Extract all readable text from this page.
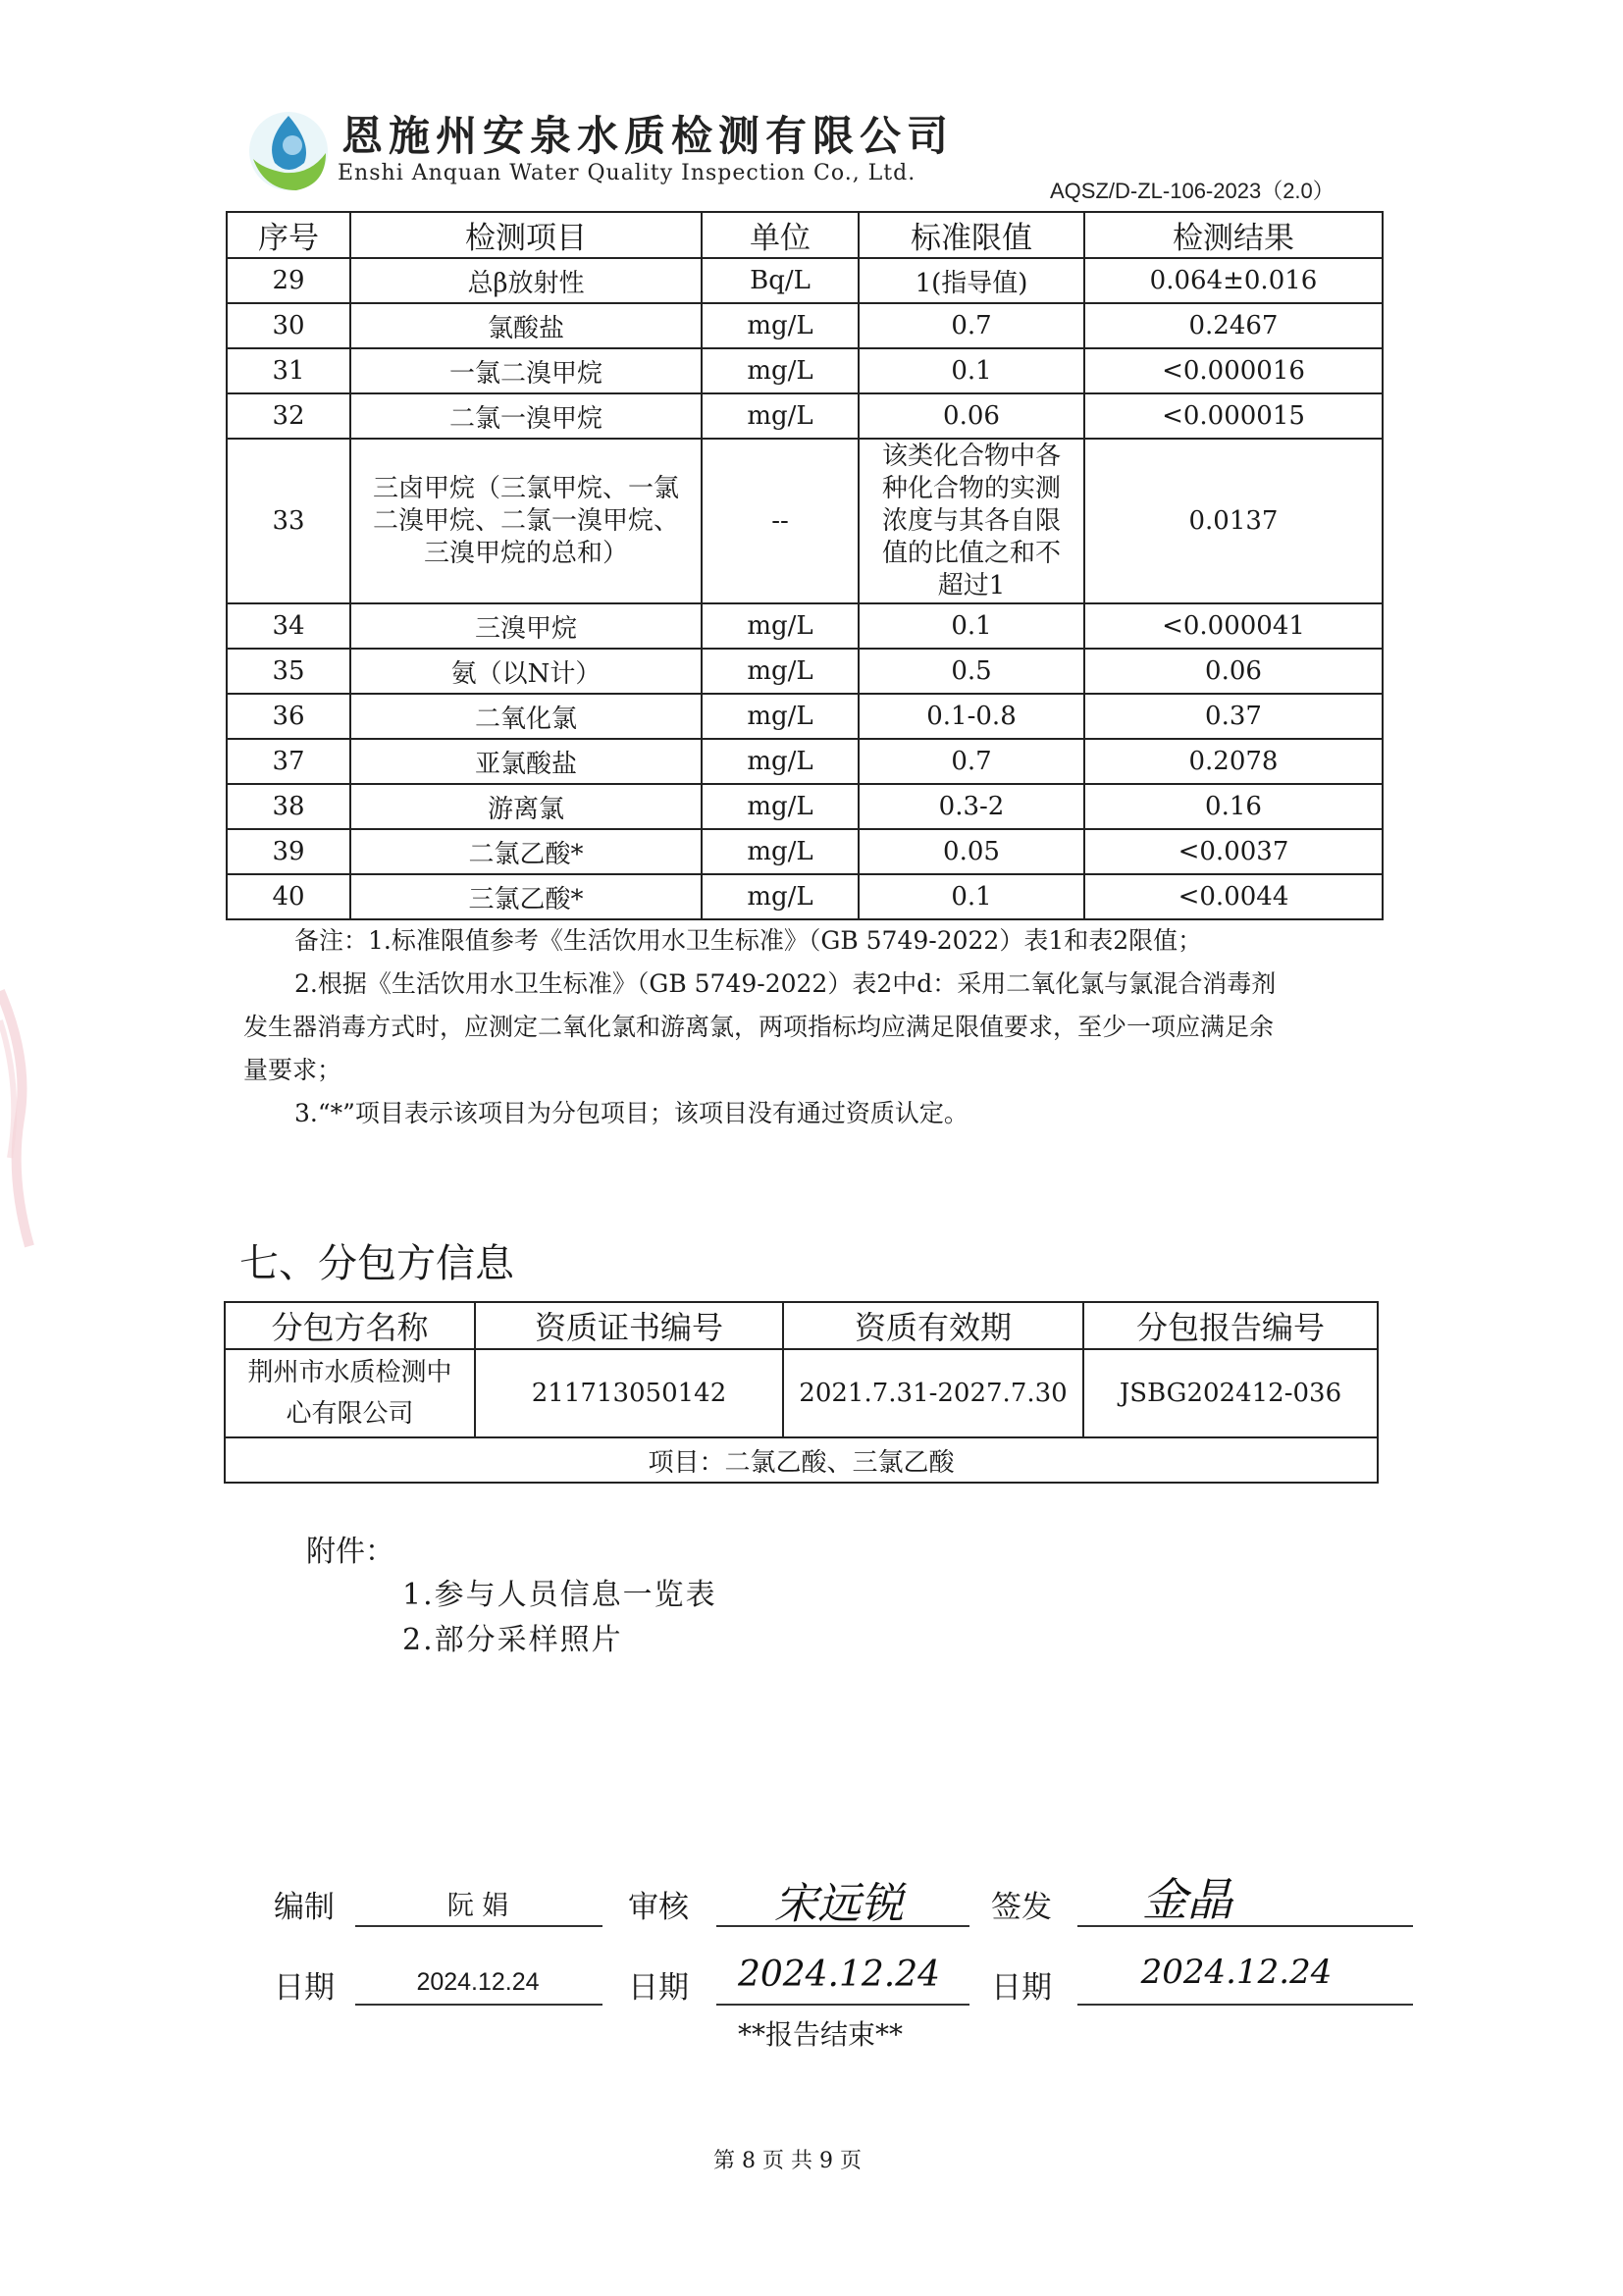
恩施州安泉水质检测有限公司
Enshi Anquan Water Quality Inspection Co., Ltd.
AQSZ/D-ZL-106-2023（2.0）
序号	检测项目	单位	标准限值	检测结果
29	总β放射性	Bq/L	1(指导值)	0.064±0.016
30	氯酸盐	mg/L	0.7	0.2467
31	一氯二溴甲烷	mg/L	0.1	<0.000016
32	二氯一溴甲烷	mg/L	0.06	<0.000015
33	三卤甲烷（三氯甲烷、一氯二溴甲烷、二氯一溴甲烷、三溴甲烷的总和）	--	该类化合物中各种化合物的实测浓度与其各自限值的比值之和不超过1	0.0137
34	三溴甲烷	mg/L	0.1	<0.000041
35	氨（以N计）	mg/L	0.5	0.06
36	二氧化氯	mg/L	0.1-0.8	0.37
37	亚氯酸盐	mg/L	0.7	0.2078
38	游离氯	mg/L	0.3-2	0.16
39	二氯乙酸*	mg/L	0.05	<0.0037
40	三氯乙酸*	mg/L	0.1	<0.0044
备注：1.标准限值参考《生活饮用水卫生标准》（GB 5749-2022）表1和表2限值；
2.根据《生活饮用水卫生标准》（GB 5749-2022）表2中d：采用二氧化氯与氯混合消毒剂
发生器消毒方式时，应测定二氧化氯和游离氯，两项指标均应满足限值要求，至少一项应满足余
量要求；
3.“*”项目表示该项目为分包项目；该项目没有通过资质认定。
七、分包方信息
分包方名称	资质证书编号	资质有效期	分包报告编号
荆州市水质检测中心有限公司	211713050142	2021.7.31-2027.7.30	JSBG202412-036
项目：二氯乙酸、三氯乙酸			
附件：
1.参与人员信息一览表
2.部分采样照片
编制	阮 娟	审核	宋远锐	签发	金晶
日期	2024.12.24	日期	2024.12.24	日期	2024.12.24
**报告结束**
第 8 页 共 9 页
